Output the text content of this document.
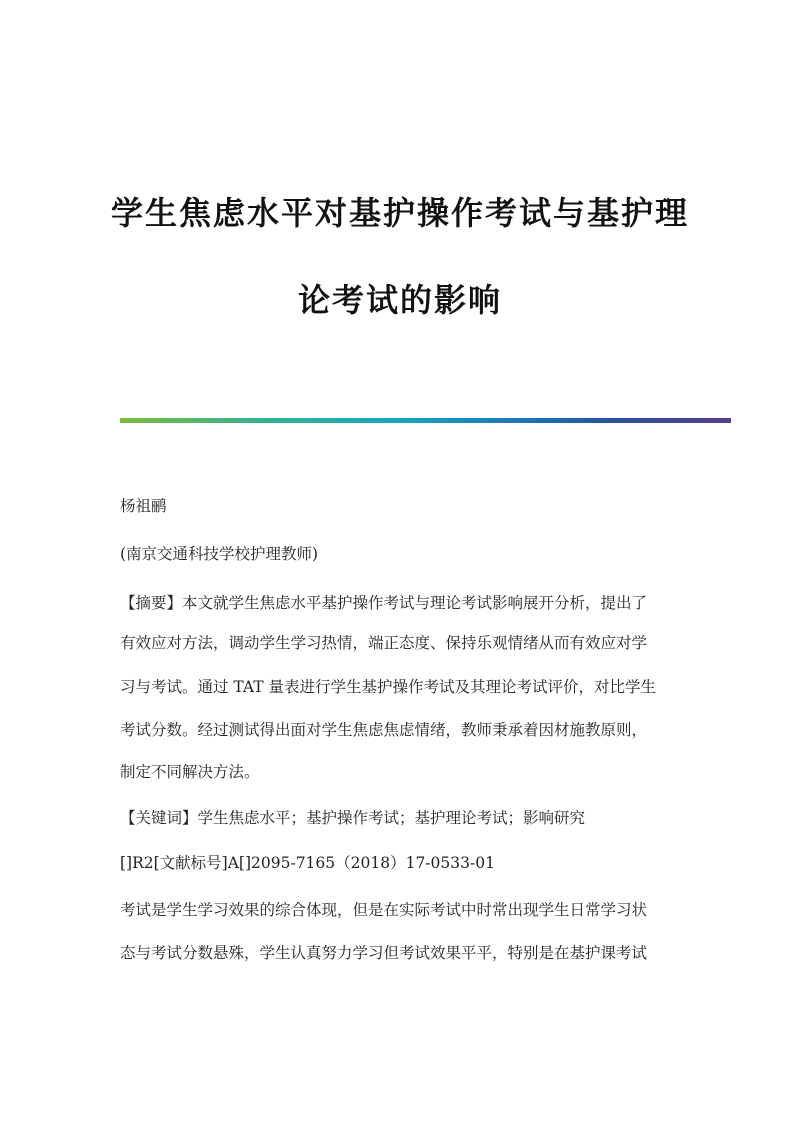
学生焦虑水平对基护操作考试与基护理
论考试的影响
杨祖鹂
(南京交通科技学校护理教师)
【摘要】本文就学生焦虑水平基护操作考试与理论考试影响展开分析，提出了
有效应对方法，调动学生学习热情，端正态度、保持乐观情绪从而有效应对学
习与考试。通过 TAT 量表进行学生基护操作考试及其理论考试评价，对比学生
考试分数。经过测试得出面对学生焦虑焦虑情绪，教师秉承着因材施教原则，
制定不同解决方法。
【关键词】学生焦虑水平；基护操作考试；基护理论考试；影响研究
[]R2[文献标号]A[]2095-7165（2018）17-0533-01
考试是学生学习效果的综合体现，但是在实际考试中时常出现学生日常学习状
态与考试分数悬殊，学生认真努力学习但考试效果平平，特别是在基护课考试
